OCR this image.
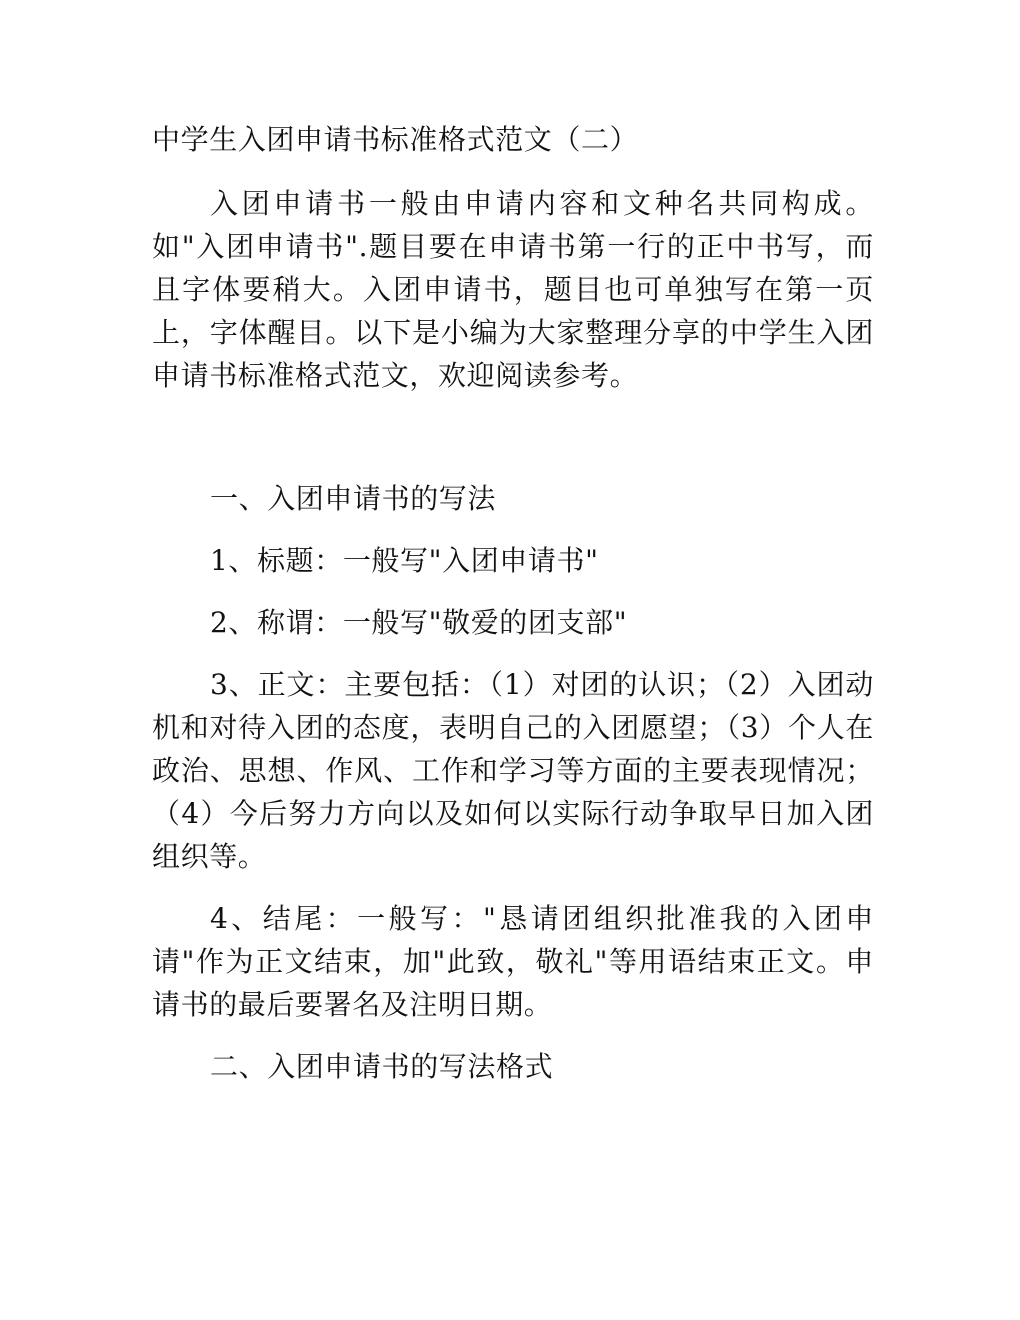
中学生入团申请书标准格式范文（二）

入团申请书一般由申请内容和文种名共同构成。如"入团申请书".题目要在申请书第一行的正中书写，而且字体要稍大。入团申请书，题目也可单独写在第一页上，字体醒目。以下是小编为大家整理分享的中学生入团申请书标准格式范文，欢迎阅读参考。

一、入团申请书的写法

1、标题：一般写"入团申请书"

2、称谓：一般写"敬爱的团支部"

3、正文：主要包括：（1）对团的认识；（2）入团动机和对待入团的态度，表明自己的入团愿望；（3）个人在政治、思想、作风、工作和学习等方面的主要表现情况；（4）今后努力方向以及如何以实际行动争取早日加入团组织等。

4、结尾：一般写："恳请团组织批准我的入团申请"作为正文结束，加"此致，敬礼"等用语结束正文。申请书的最后要署名及注明日期。

二、入团申请书的写法格式
